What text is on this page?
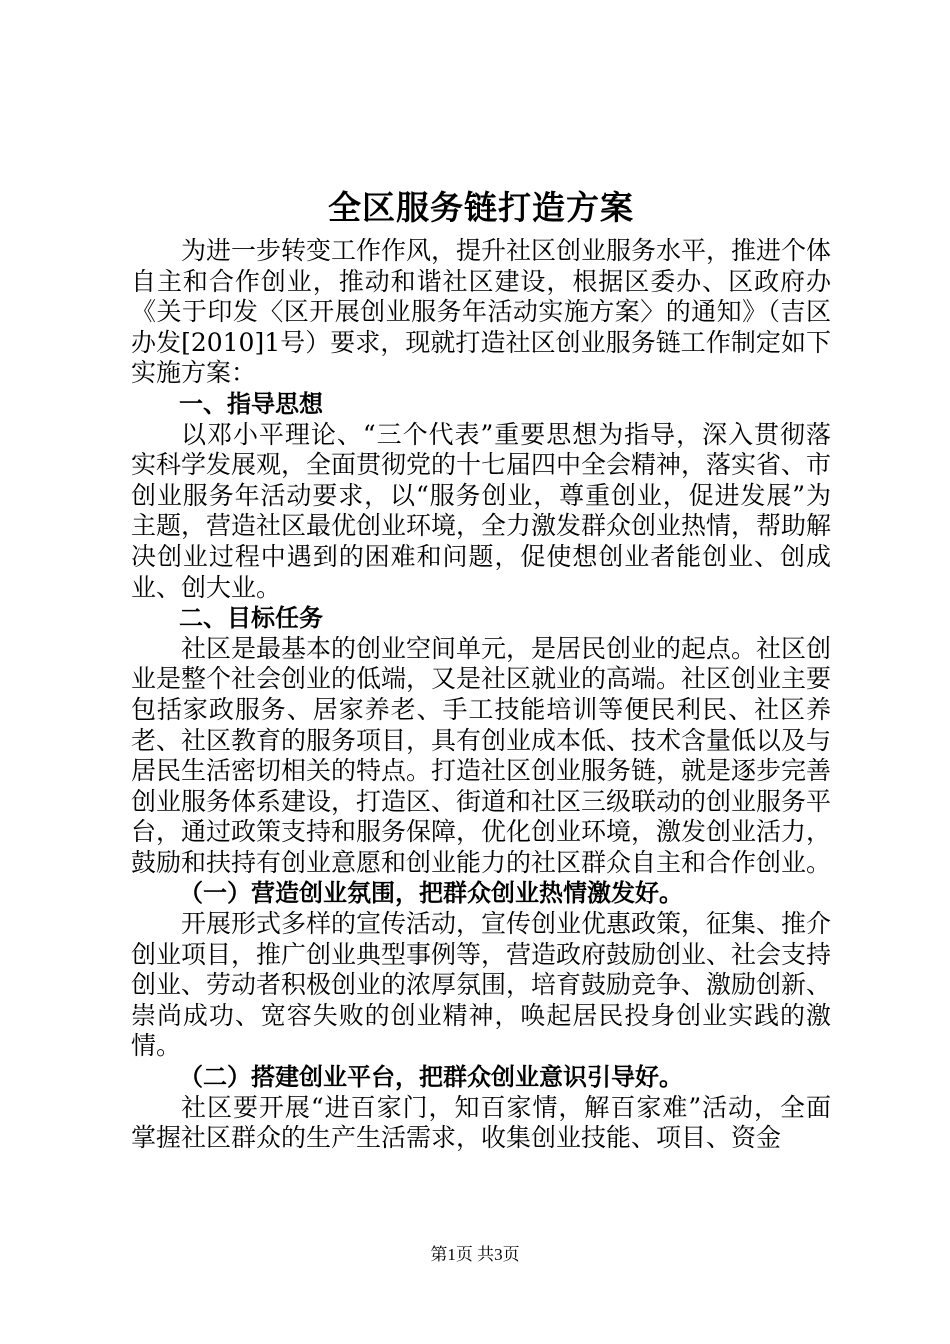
全区服务链打造方案

为进一步转变工作作风，提升社区创业服务水平，推进个体自主和合作创业，推动和谐社区建设，根据区委办、区政府办《关于印发〈区开展创业服务年活动实施方案〉的通知》（吉区办发[2010]1号）要求，现就打造社区创业服务链工作制定如下实施方案：

一、指导思想

以邓小平理论、“三个代表”重要思想为指导，深入贯彻落实科学发展观，全面贯彻党的十七届四中全会精神，落实省、市创业服务年活动要求，以“服务创业，尊重创业，促进发展”为主题，营造社区最优创业环境，全力激发群众创业热情，帮助解决创业过程中遇到的困难和问题，促使想创业者能创业、创成业、创大业。

二、目标任务

社区是最基本的创业空间单元，是居民创业的起点。社区创业是整个社会创业的低端，又是社区就业的高端。社区创业主要包括家政服务、居家养老、手工技能培训等便民利民、社区养老、社区教育的服务项目，具有创业成本低、技术含量低以及与居民生活密切相关的特点。打造社区创业服务链，就是逐步完善创业服务体系建设，打造区、街道和社区三级联动的创业服务平台，通过政策支持和服务保障，优化创业环境，激发创业活力，鼓励和扶持有创业意愿和创业能力的社区群众自主和合作创业。

（一）营造创业氛围，把群众创业热情激发好。

开展形式多样的宣传活动，宣传创业优惠政策，征集、推介创业项目，推广创业典型事例等，营造政府鼓励创业、社会支持创业、劳动者积极创业的浓厚氛围，培育鼓励竞争、激励创新、崇尚成功、宽容失败的创业精神，唤起居民投身创业实践的激情。

（二）搭建创业平台，把群众创业意识引导好。

社区要开展“进百家门，知百家情，解百家难”活动，全面掌握社区群众的生产生活需求，收集创业技能、项目、资金

第1页 共3页
